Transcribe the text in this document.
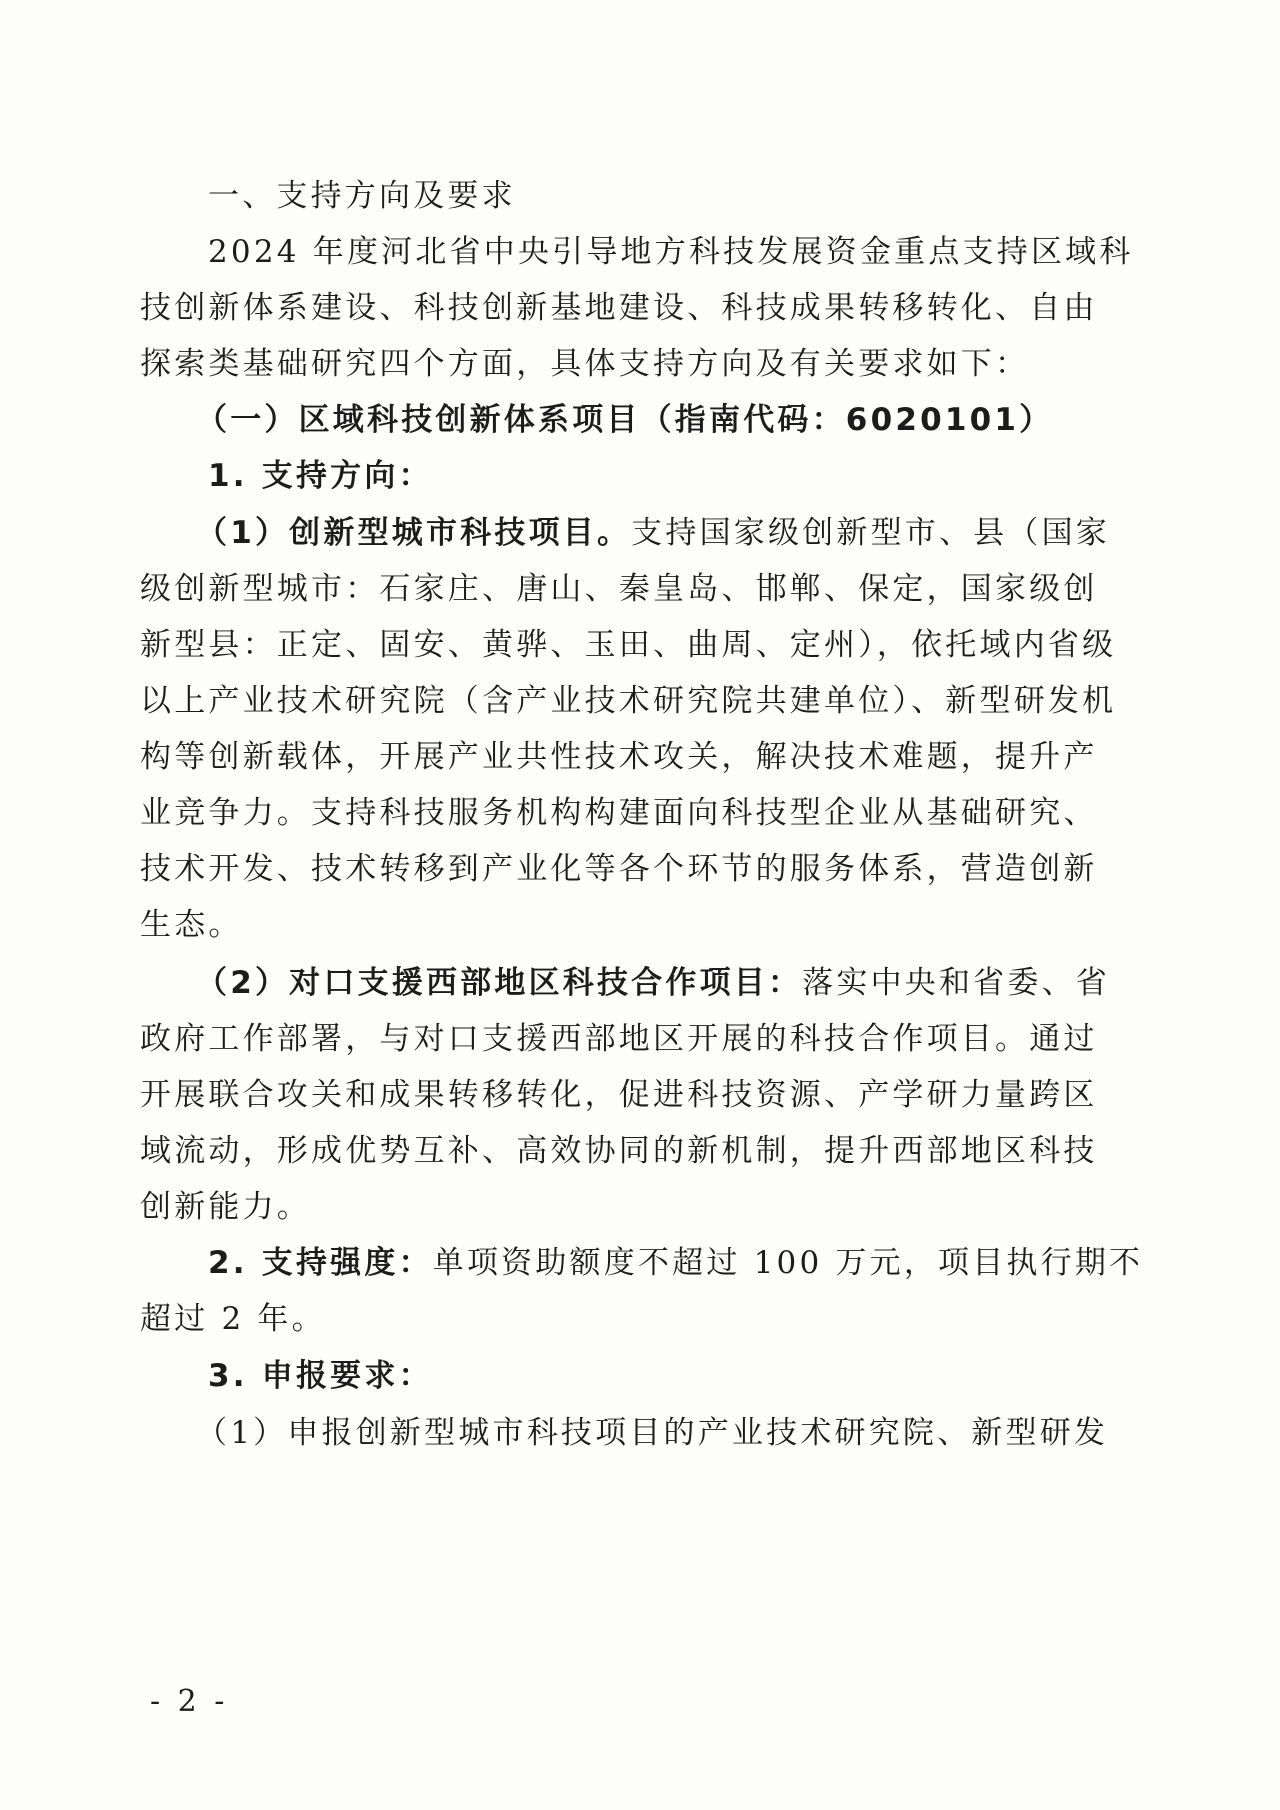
一、支持方向及要求
2024 年度河北省中央引导地方科技发展资金重点支持区域科
技创新体系建设、科技创新基地建设、科技成果转移转化、自由
探索类基础研究四个方面，具体支持方向及有关要求如下：
（一）区域科技创新体系项目（指南代码：6020101）
1. 支持方向：
（1）创新型城市科技项目。支持国家级创新型市、县（国家
级创新型城市：石家庄、唐山、秦皇岛、邯郸、保定，国家级创
新型县：正定、固安、黄骅、玉田、曲周、定州），依托域内省级
以上产业技术研究院（含产业技术研究院共建单位）、新型研发机
构等创新载体，开展产业共性技术攻关，解决技术难题，提升产
业竞争力。支持科技服务机构构建面向科技型企业从基础研究、
技术开发、技术转移到产业化等各个环节的服务体系，营造创新
生态。
（2）对口支援西部地区科技合作项目：落实中央和省委、省
政府工作部署，与对口支援西部地区开展的科技合作项目。通过
开展联合攻关和成果转移转化，促进科技资源、产学研力量跨区
域流动，形成优势互补、高效协同的新机制，提升西部地区科技
创新能力。
2. 支持强度：单项资助额度不超过 100 万元，项目执行期不
超过 2 年。
3. 申报要求：
（1）申报创新型城市科技项目的产业技术研究院、新型研发
- 2 -
